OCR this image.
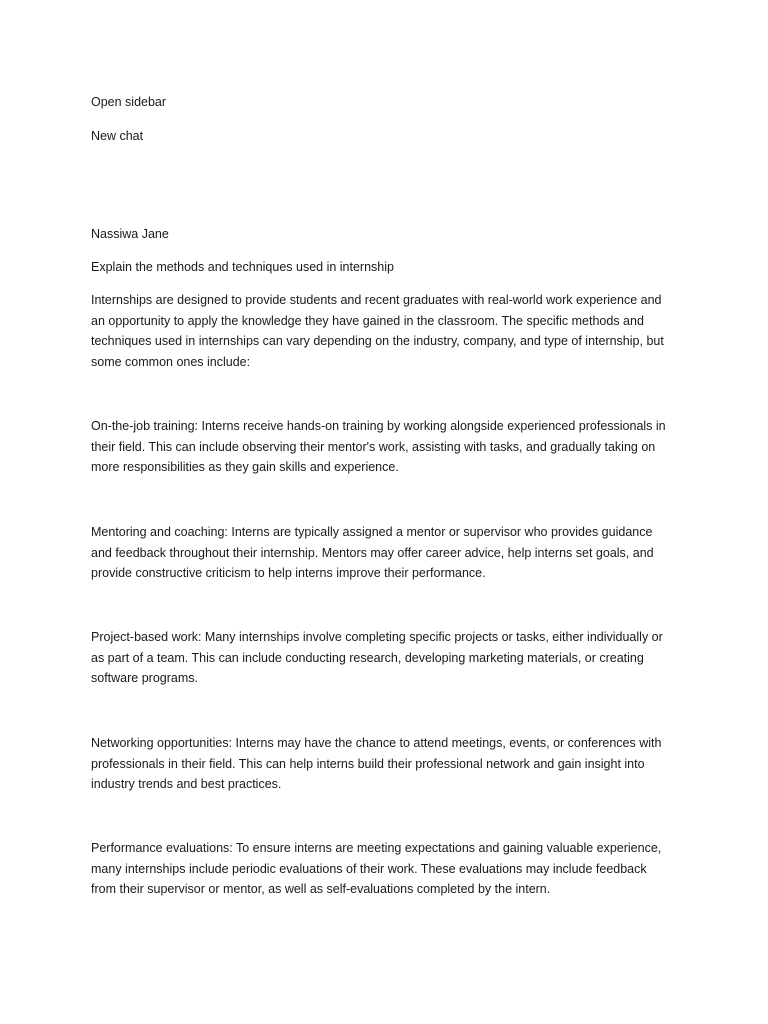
Open sidebar
New chat
Nassiwa Jane
Explain the methods and techniques used in internship
Internships are designed to provide students and recent graduates with real-world work experience and
an opportunity to apply the knowledge they have gained in the classroom. The specific methods and
techniques used in internships can vary depending on the industry, company, and type of internship, but
some common ones include:
On-the-job training: Interns receive hands-on training by working alongside experienced professionals in
their field. This can include observing their mentor's work, assisting with tasks, and gradually taking on
more responsibilities as they gain skills and experience.
Mentoring and coaching: Interns are typically assigned a mentor or supervisor who provides guidance
and feedback throughout their internship. Mentors may offer career advice, help interns set goals, and
provide constructive criticism to help interns improve their performance.
Project-based work: Many internships involve completing specific projects or tasks, either individually or
as part of a team. This can include conducting research, developing marketing materials, or creating
software programs.
Networking opportunities: Interns may have the chance to attend meetings, events, or conferences with
professionals in their field. This can help interns build their professional network and gain insight into
industry trends and best practices.
Performance evaluations: To ensure interns are meeting expectations and gaining valuable experience,
many internships include periodic evaluations of their work. These evaluations may include feedback
from their supervisor or mentor, as well as self-evaluations completed by the intern.
